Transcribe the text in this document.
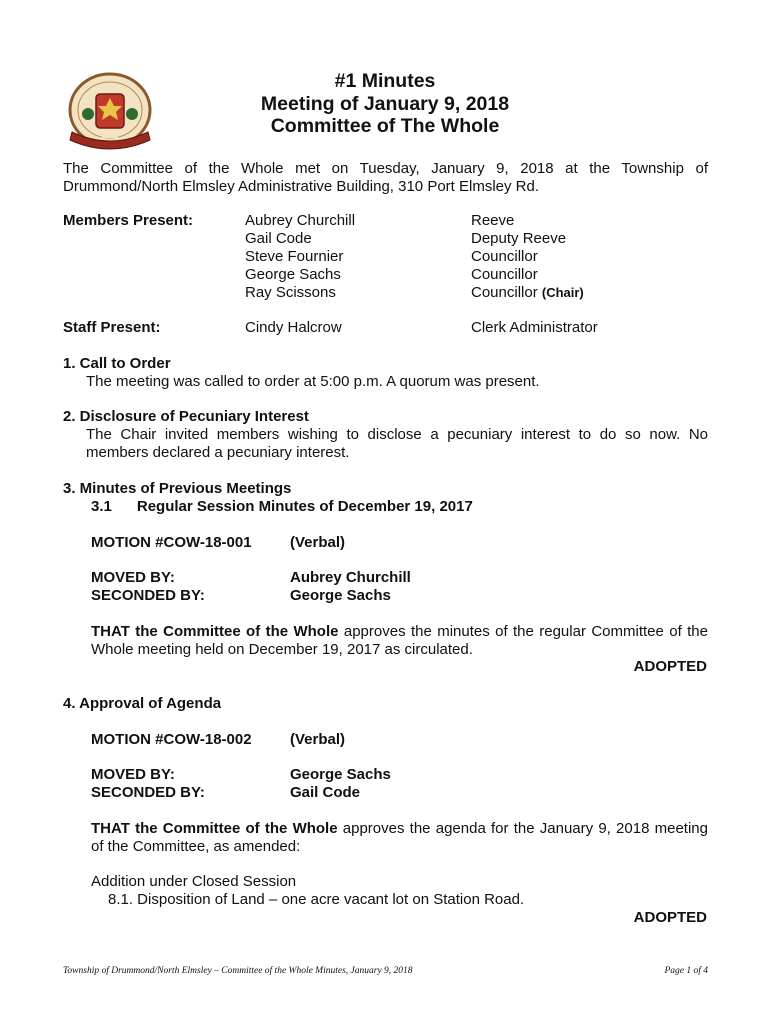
#1 Minutes
Meeting of January 9, 2018
Committee of The Whole
The Committee of the Whole met on Tuesday, January 9, 2018 at the Township of Drummond/North Elmsley Administrative Building, 310 Port Elmsley Rd.
Members Present:	Aubrey Churchill	Reeve
Gail Code	Deputy Reeve
Steve Fournier	Councillor
George Sachs	Councillor
Ray Scissons	Councillor (Chair)
Staff Present:	Cindy Halcrow	Clerk Administrator
1. Call to Order
The meeting was called to order at 5:00 p.m. A quorum was present.
2. Disclosure of Pecuniary Interest
The Chair invited members wishing to disclose a pecuniary interest to do so now. No members declared a pecuniary interest.
3. Minutes of Previous Meetings
3.1      Regular Session Minutes of December 19, 2017
MOTION #COW-18-001	(Verbal)
MOVED BY:	Aubrey Churchill
SECONDED BY:	George Sachs
THAT the Committee of the Whole approves the minutes of the regular Committee of the Whole meeting held on December 19, 2017 as circulated.
ADOPTED
4. Approval of Agenda
MOTION #COW-18-002	(Verbal)
MOVED BY:	George Sachs
SECONDED BY:	Gail Code
THAT the Committee of the Whole approves the agenda for the January 9, 2018 meeting of the Committee, as amended:
Addition under Closed Session
8.1. Disposition of Land – one acre vacant lot on Station Road.
ADOPTED
Township of Drummond/North Elmsley – Committee of the Whole Minutes, January 9, 2018	Page 1 of 4
